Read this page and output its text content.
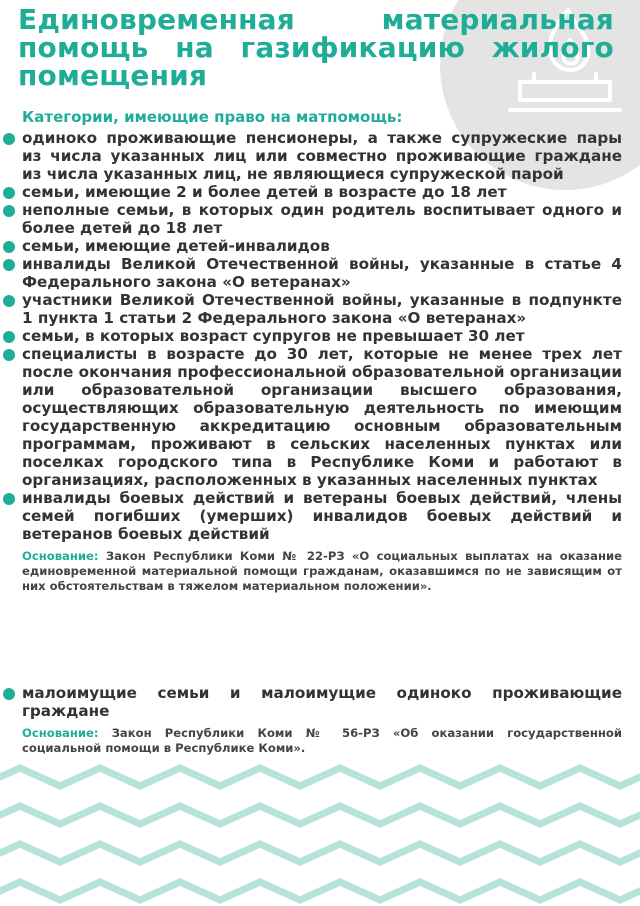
Единовременная материальная помощь на газификацию жилого помещения

Категории, имеющие право на матпомощь:

одиноко проживающие пенсионеры, а также супружеские пары из числа указанных лиц или совместно проживающие граждане из числа указанных лиц, не являющиеся супружеской парой
семьи, имеющие 2 и более детей в возрасте до 18 лет
неполные семьи, в которых один родитель воспитывает одного и более детей до 18 лет
семьи, имеющие детей-инвалидов
инвалиды Великой Отечественной войны, указанные в статье 4 Федерального закона «О ветеранах»
участники Великой Отечественной войны, указанные в подпункте 1 пункта 1 статьи 2 Федерального закона «О ветеранах»
семьи, в которых возраст супругов не превышает 30 лет
специалисты в возрасте до 30 лет, которые не менее трех лет после окончания профессиональной образовательной организации или образовательной организации высшего образования, осуществляющих образовательную деятельность по имеющим государственную аккредитацию основным образовательным программам, проживают в сельских населенных пунктах или поселках городского типа в Республике Коми и работают в организациях, расположенных в указанных населенных пунктах
инвалиды боевых действий и ветераны боевых действий, члены семей погибших (умерших) инвалидов боевых действий и ветеранов боевых действий
Основание: Закон Республики Коми № 22-РЗ «О социальных выплатах на оказание единовременной материальной помощи гражданам, оказавшимся по не зависящим от них обстоятельствам в тяжелом материальном положении».
малоимущие семьи и малоимущие одиноко проживающие граждане
Основание: Закон Республики Коми № 56-РЗ «Об оказании государственной социальной помощи в Республике Коми».
